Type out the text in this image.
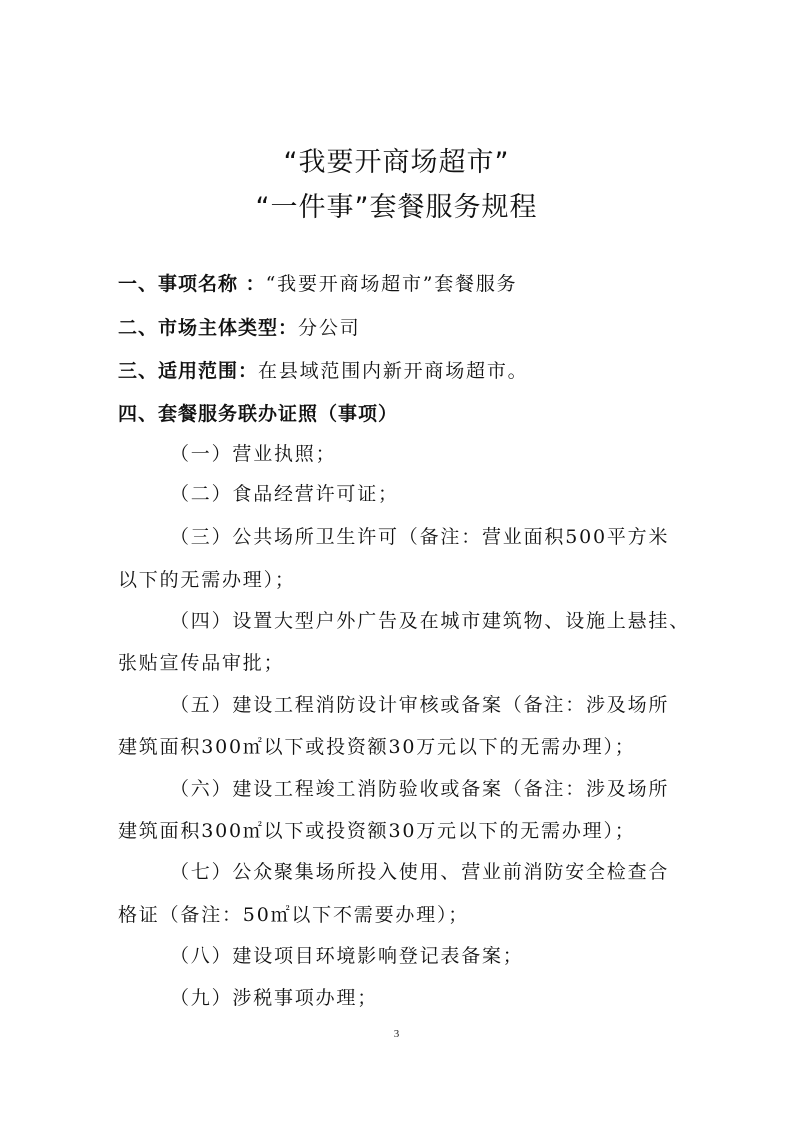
“我要开商场超市”
“一件事”套餐服务规程
一、事项名称 ：“我要开商场超市”套餐服务
二、市场主体类型：分公司
三、适用范围：在县域范围内新开商场超市。
四、套餐服务联办证照（事项）
（一）营业执照；
（二）食品经营许可证；
（三）公共场所卫生许可（备注：营业面积500平方米
以下的无需办理）；
（四）设置大型户外广告及在城市建筑物、设施上悬挂、
张贴宣传品审批；
（五）建设工程消防设计审核或备案（备注：涉及场所
建筑面积300㎡以下或投资额30万元以下的无需办理）；
（六）建设工程竣工消防验收或备案（备注：涉及场所
建筑面积300㎡以下或投资额30万元以下的无需办理）；
（七）公众聚集场所投入使用、营业前消防安全检查合
格证（备注：50㎡以下不需要办理）；
（八）建设项目环境影响登记表备案；
（九）涉税事项办理；
3
